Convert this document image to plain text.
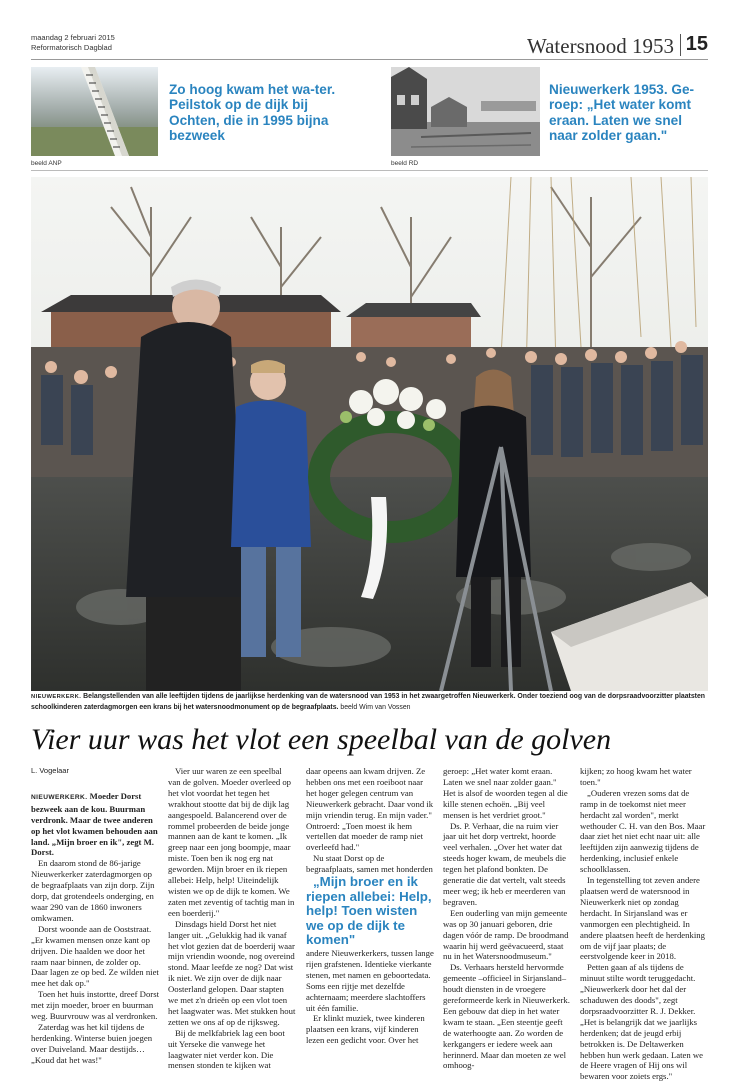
maandag 2 februari 2015
Reformatorisch Dagblad	Watersnood 1953 15
Zo hoog kwam het wa-ter. Peilstok op de dijk bij Ochten, die in 1995 bijna bezweek
beeld ANP
Nieuwerkerk 1953. Ge-roep: „Het water komt eraan. Laten we snel naar zolder gaan."
beeld RD
NIEUWERKERK. Belangstellenden van alle leeftijden tijdens de jaarlijkse herdenking van de watersnood van 1953 in het zwaargetroffen Nieuwerkerk. Onder toeziend oog van de dorpsraadvoorzitter plaatsten schoolkinderen zaterdagmorgen een krans bij het watersnoodmonument op de begraafplaats. beeld Wim van Vossen
Vier uur was het vlot een speelbal van de golven
L. Vogelaar

NIEUWERKERK. Moeder Dorst bezweek aan de kou. Buurman verdronk. Maar de twee anderen op het vlot kwamen behouden aan land. „Mijn broer en ik", zegt M. Dorst.

En daarom stond de 86-jarige Nieuwerkerker zaterdagmorgen op de begraafplaats van zijn dorp. Zijn dorp, dat grotendeels onderging, en waar 290 van de 1860 inwoners omkwamen.

Dorst woonde aan de Ooststraat. „Er kwamen mensen onze kant op drijven. Die haalden we door het raam naar binnen, de zolder op. Daar lagen ze op bed. Ze wilden niet mee het dak op."

Toen het huis instortte, dreef Dorst met zijn moeder, broer en buurman weg. Buurvrouw was al verdronken.

Zaterdag was het kil tijdens de herdenking. Winterse buien joegen over Duiveland. Maar destijds… „Koud dat het was!"

Vier uur waren ze een speelbal van de golven. Moeder overleed op het vlot voordat het tegen het wrakhout stootte dat bij de dijk lag aangespoeld. Balancerend over de rommel probeerden de beide jonge mannen aan de kant te komen. „Ik greep naar een jong boompje, maar miste. Toen ben ik nog erg nat geworden. Mijn broer en ik riepen allebei: Help, help! Uiteindelijk wisten we op de dijk te komen. We zaten met zeventig of tachtig man in een boerderij."

Dinsdags hield Dorst het niet langer uit. „Gelukkig had ik vanaf het vlot gezien dat de boerderij waar mijn vriendin woonde, nog overeind stond. Maar leefde ze nog? Dat wist ik niet. We zijn over de dijk naar Oosterland gelopen. Daar stapten we met z'n drieën op een vlot toen het laagwater was. Met stukken hout zetten we ons af op de rijksweg.

Bij de melkfabriek lag een boot uit Yerseke die vanwege het laagwater niet verder kon. Die mensen stonden te kijken wat

daar opeens aan kwam drijven. Ze hebben ons met een roeiboot naar het hoger gelegen centrum van Nieuwerkerk gebracht. Daar vond ik mijn vriendin terug. En mijn vader." Ontroerd: „Toen moest ik hem vertellen dat moeder de ramp niet overleefd had."

Nu staat Dorst op de begraafplaats, samen met honderden

„Mijn broer en ik riepen allebei: Help, help! Toen wisten we op de dijk te komen"

andere Nieuwerkerkers, tussen lange rijen grafstenen. Identieke vierkante stenen, met namen en geboortedata. Soms een rijtje met dezelfde achternaam; meerdere slachtoffers uit één familie.

Er klinkt muziek, twee kinderen plaatsen een krans, vijf kinderen lezen een gedicht voor. Over het

geroep: „Het water komt eraan. Laten we snel naar zolder gaan." Het is alsof de woorden tegen al die kille stenen echoën. „Bij veel mensen is het verdriet groot."

Ds. P. Verhaar, die na ruim vier jaar uit het dorp vertrekt, hoorde veel verhalen. „Over het water dat steeds hoger kwam, de meubels die tegen het plafond bonkten. De generatie die dat vertelt, valt steeds meer weg; ik heb er meerderen van begraven.

Een ouderling van mijn gemeente was op 30 januari geboren, drie dagen vóór de ramp. De broodmand waarin hij werd geëvacueerd, staat nu in het Watersnoodmuseum."

Ds. Verhaars hersteld hervormde gemeente –officieel in Sirjansland– houdt diensten in de vroegere gereformeerde kerk in Nieuwerkerk. Een gebouw dat diep in het water kwam te staan. „Een steentje geeft de waterhoogte aan. Zo worden de kerkgangers er iedere week aan herinnerd. Maar dan moeten ze wel omhoog-

kijken; zo hoog kwam het water toen."

„Ouderen vrezen soms dat de ramp in de toekomst niet meer herdacht zal worden", merkt wethouder C. H. van den Bos. Maar daar ziet het niet echt naar uit: alle leeftijden zijn aanwezig tijdens de herdenking, inclusief enkele schoolklassen.

In tegenstelling tot zeven andere plaatsen werd de watersnood in Nieuwerkerk niet op zondag herdacht. In Sirjansland was er vanmorgen een plechtigheid. In andere plaatsen heeft de herdenking om de vijf jaar plaats; de eerstvolgende keer in 2018.

Petten gaan af als tijdens de minuut stilte wordt teruggedacht. „Nieuwerkerk door het dal der schaduwen des doods", zegt dorpsraadvoorzitter R. J. Dekker. „Het is belangrijk dat we jaarlijks herdenken; dat de jeugd erbij betrokken is. De Deltawerken hebben hun werk gedaan. Laten we de Heere vragen of Hij ons wil bewaren voor zoiets ergs."
